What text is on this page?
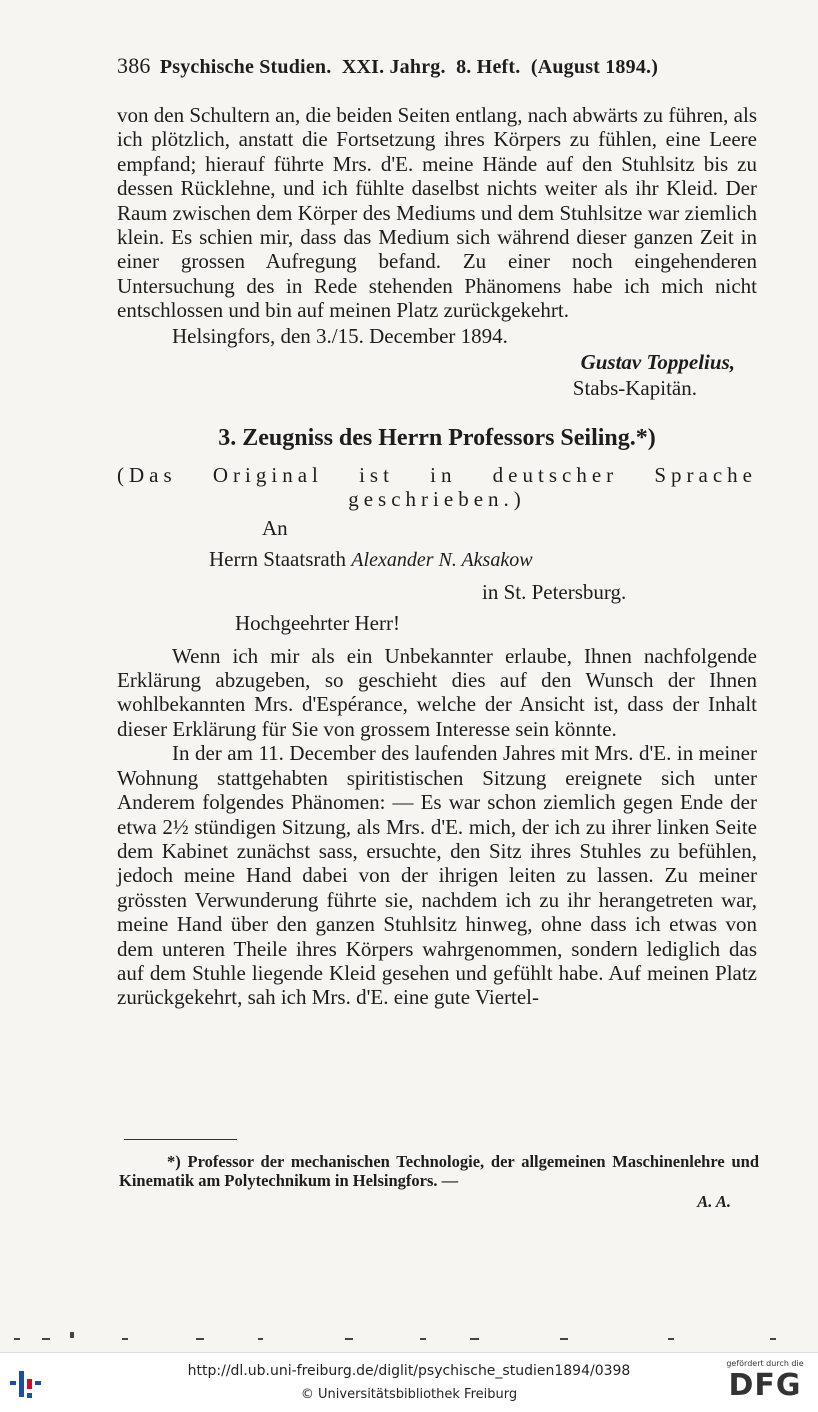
386 Psychische Studien.  XXI. Jahrg.  8. Heft.  (August 1894.)

von den Schultern an, die beiden Seiten entlang, nach abwärts zu führen, als ich plötzlich, anstatt die Fortsetzung ihres Körpers zu fühlen, eine Leere empfand; hierauf führte Mrs. d'E. meine Hände auf den Stuhlsitz bis zu dessen Rücklehne, und ich fühlte daselbst nichts weiter als ihr Kleid. Der Raum zwischen dem Körper des Mediums und dem Stuhlsitze war ziemlich klein. Es schien mir, dass das Medium sich während dieser ganzen Zeit in einer grossen Aufregung befand. Zu einer noch eingehenderen Untersuchung des in Rede stehenden Phänomens habe ich mich nicht entschlossen und bin auf meinen Platz zurückgekehrt.

Helsingfors, den 3./15. December 1894.

Gustav Toppelius,

Stabs-Kapitän.

3. Zeugniss des Herrn Professors Seiling.*)

(Das Original ist in deutscher Sprache geschrieben.)

An

Herrn Staatsrath Alexander N. Aksakow

in St. Petersburg.

Hochgeehrter Herr!

Wenn ich mir als ein Unbekannter erlaube, Ihnen nachfolgende Erklärung abzugeben, so geschieht dies auf den Wunsch der Ihnen wohlbekannten Mrs. d'Espérance, welche der Ansicht ist, dass der Inhalt dieser Erklärung für Sie von grossem Interesse sein könnte.

In der am 11. December des laufenden Jahres mit Mrs. d'E. in meiner Wohnung stattgehabten spiritistischen Sitzung ereignete sich unter Anderem folgendes Phänomen: — Es war schon ziemlich gegen Ende der etwa 2½ stündigen Sitzung, als Mrs. d'E. mich, der ich zu ihrer linken Seite dem Kabinet zunächst sass, ersuchte, den Sitz ihres Stuhles zu befühlen, jedoch meine Hand dabei von der ihrigen leiten zu lassen. Zu meiner grössten Verwunderung führte sie, nachdem ich zu ihr herangetreten war, meine Hand über den ganzen Stuhlsitz hinweg, ohne dass ich etwas von dem unteren Theile ihres Körpers wahrgenommen, sondern lediglich das auf dem Stuhle liegende Kleid gesehen und gefühlt habe. Auf meinen Platz zurückgekehrt, sah ich Mrs. d'E. eine gute Viertel-

*) Professor der mechanischen Technologie, der allgemeinen Maschinenlehre und Kinematik am Polytechnikum in Helsingfors. —
A. A.
http://dl.ub.uni-freiburg.de/diglit/psychische_studien1894/0398
© Universitätsbibliothek Freiburg
gefördert durch die
DFG
